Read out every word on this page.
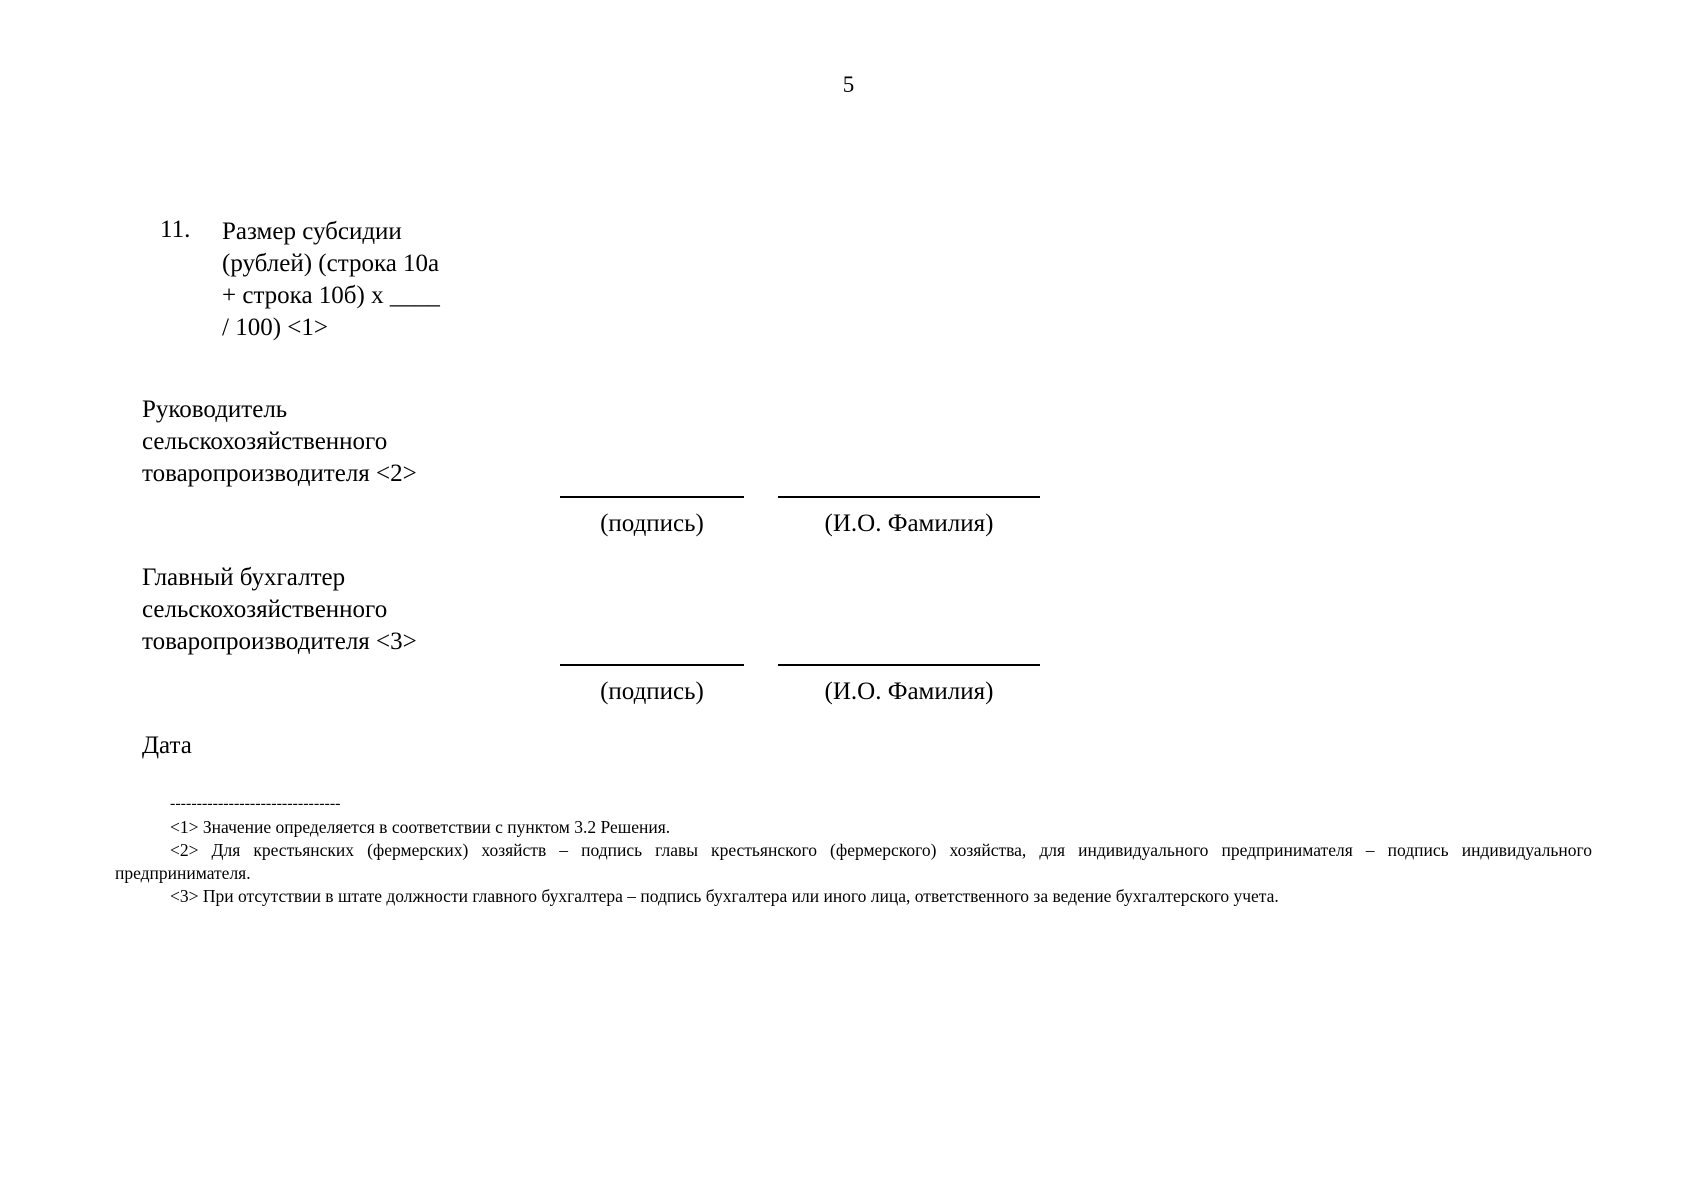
5
11. Размер субсидии
(рублей) (строка 10а
+ строка 10б) х ____
/ 100) <1>
Руководитель
сельскохозяйственного
товаропроизводителя <2>
(подпись)	(И.О. Фамилия)
Главный бухгалтер
сельскохозяйственного
товаропроизводителя <3>
(подпись)	(И.О. Фамилия)
Дата
--------------------------------

<1> Значение определяется в соответствии с пунктом 3.2 Решения.

<2> Для крестьянских (фермерских) хозяйств – подпись главы крестьянского (фермерского) хозяйства, для индивидуального предпринимателя – подпись индивидуального предпринимателя.

<3> При отсутствии в штате должности главного бухгалтера – подпись бухгалтера или иного лица, ответственного за ведение бухгалтерского учета.
